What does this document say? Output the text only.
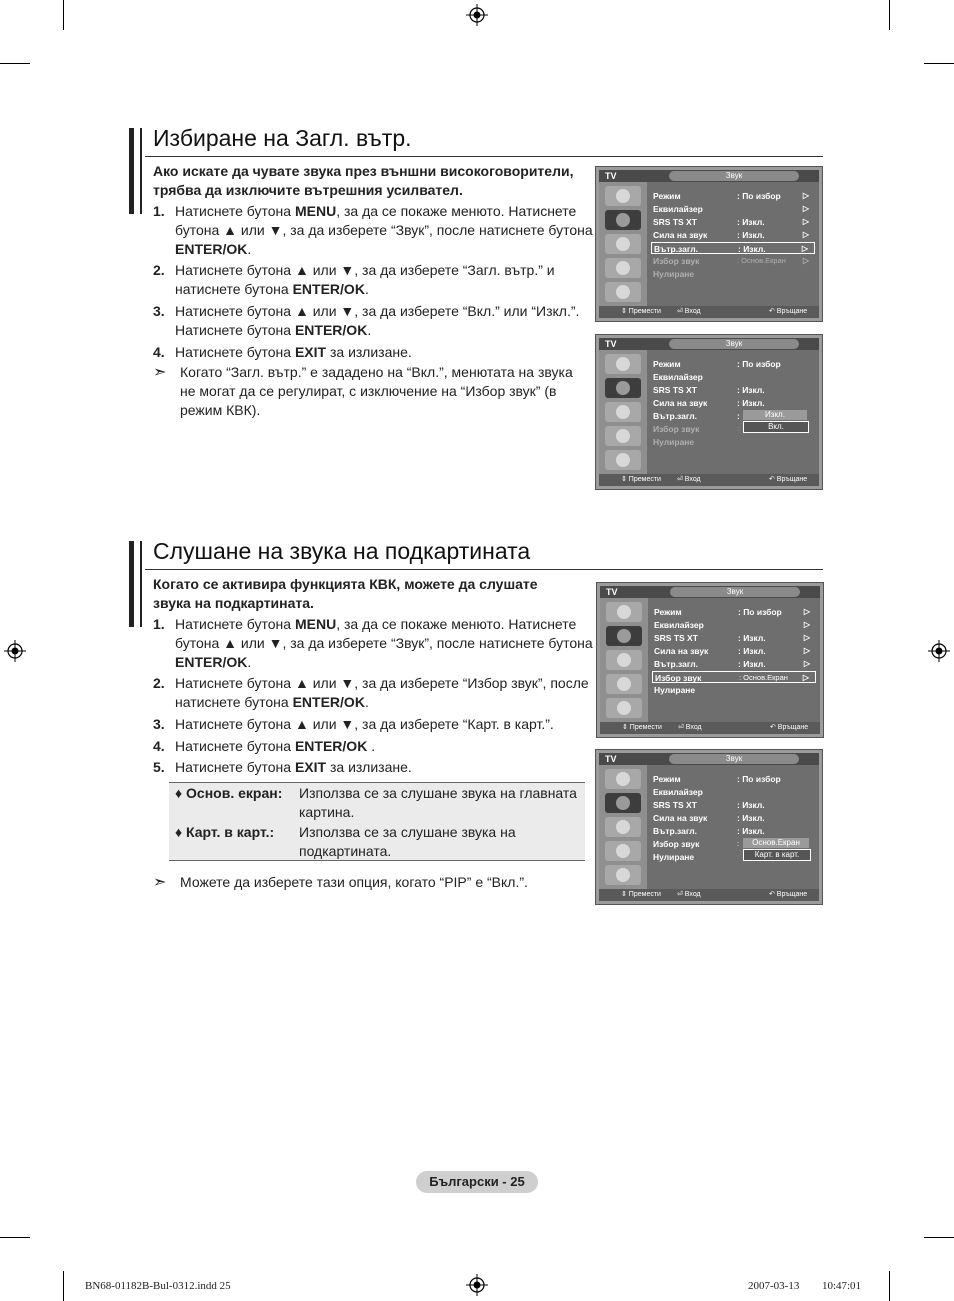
Избиране на Загл. вътр.
Ако искате да чувате звука през външни високоговорители, трябва да изключите вътрешния усилвател.
1. Натиснете бутона MENU, за да се покаже менюто. Натиснете бутона ▲ или ▼, за да изберете “Звук”, после натиснете бутона ENTER/OK.
2. Натиснете бутона ▲ или ▼, за да изберете “Загл. вътр.” и натиснете бутона ENTER/OK.
3. Натиснете бутона ▲ или ▼, за да изберете “Вкл.” или “Изкл.”. Натиснете бутона ENTER/OK.
4. Натиснете бутона EXIT за излизане.
➣ Когато “Загл. вътр.” е зададено на “Вкл.”, менютата на звука не могат да се регулират, с изключение на “Избор звук” (в режим КВК).
Слушане на звука на подкартината
Когато се активира функцията КВК, можете да слушате звука на подкартината.
1. Натиснете бутона MENU, за да се покаже менюто. Натиснете бутона ▲ или ▼, за да изберете “Звук”, после натиснете бутона ENTER/OK.
2. Натиснете бутона ▲ или ▼, за да изберете “Избор звук”, после натиснете бутона ENTER/OK.
3. Натиснете бутона ▲ или ▼, за да изберете “Карт. в карт.”.
4. Натиснете бутона ENTER/OK .
5. Натиснете бутона EXIT за излизане.
♦ Основ. екран: Използва се за слушане звука на главната картина.
♦ Карт. в карт.: Използва се за слушане звука на подкартината.
➣ Можете да изберете тази опция, когато “PIP” е “Вкл.”.
TV	Звук
Режим	: По избор	▷
Еквилайзер	▷
SRS TS XT	: Изкл.	▷
Сила на звук	: Изкл.	▷
Вътр.загл.	: Изкл.	▷
Избор звук	: Основ.Екран ▷
Нулиране
⇕ Премести ⏎ Вход	↶ Връщане
TV	Звук
Режим	: По избор
Еквилайзер
SRS TS XT	: Изкл.
Сила на звук	: Изкл.
Вътр.загл.	:
Избор звук	:
Нулиране
Изкл.
Вкл.
⇕ Премести ⏎ Вход	↶ Връщане
TV	Звук
Режим	: По избор	▷
Еквилайзер	▷
SRS TS XT	: Изкл.	▷
Сила на звук	: Изкл.	▷
Вътр.загл.	: Изкл.	▷
Избор звук	: Основ.Екран ▷
Нулиране
⇕ Премести ⏎ Вход	↶ Връщане
TV	Звук
Режим	: По избор
Еквилайзер
SRS TS XT	: Изкл.
Сила на звук	: Изкл.
Вътр.загл.	: Изкл.
Избор звук	:
Нулиране
Основ.Екран
Карт. в карт.
⇕ Премести ⏎ Вход	↶ Връщане
Български - 25
BN68-01182B-Bul-0312.indd 25	2007-03-13 ￿￿ 10:47:01
